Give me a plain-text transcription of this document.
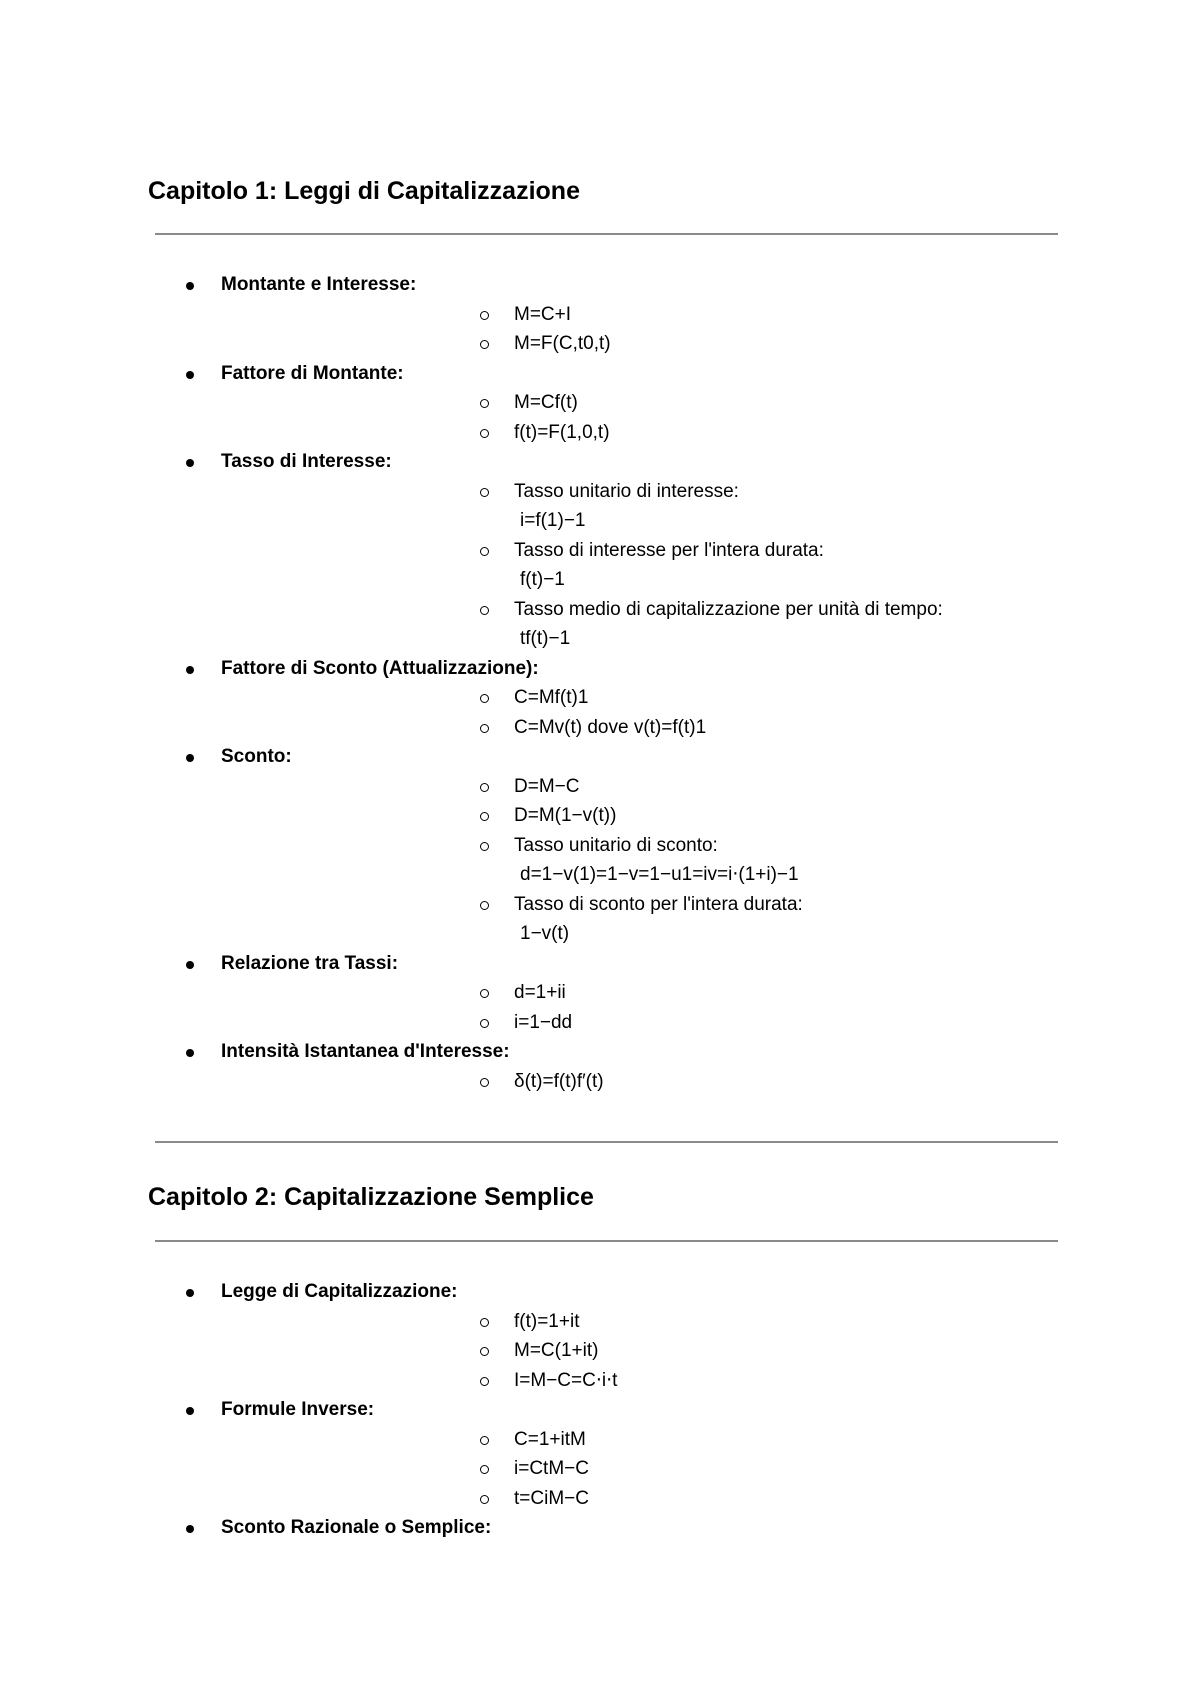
Capitolo 1: Leggi di Capitalizzazione
Montante e Interesse:
M=C+I
M=F(C,t0,t)
Fattore di Montante:
M=Cf(t)
f(t)=F(1,0,t)
Tasso di Interesse:
Tasso unitario di interesse:
i=f(1)−1
Tasso di interesse per l'intera durata:
f(t)−1
Tasso medio di capitalizzazione per unità di tempo:
tf(t)−1
Fattore di Sconto (Attualizzazione):
C=Mf(t)1
C=Mv(t) dove v(t)=f(t)1
Sconto:
D=M−C
D=M(1−v(t))
Tasso unitario di sconto:
d=1−v(1)=1−v=1−u1=iv=i⋅(1+i)−1
Tasso di sconto per l'intera durata:
1−v(t)
Relazione tra Tassi:
d=1+ii
i=1−dd
Intensità Istantanea d'Interesse:
δ(t)=f(t)f′(t)
Capitolo 2: Capitalizzazione Semplice
Legge di Capitalizzazione:
f(t)=1+it
M=C(1+it)
I=M−C=C⋅i⋅t
Formule Inverse:
C=1+itM
i=CtM−C
t=CiM−C
Sconto Razionale o Semplice:
